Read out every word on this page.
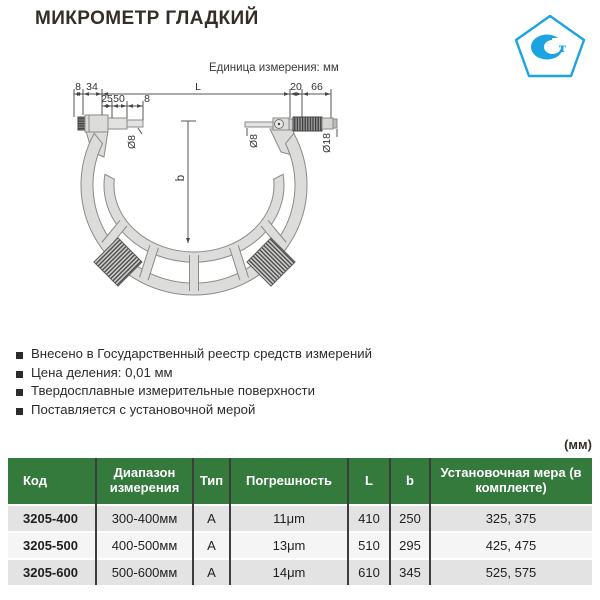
МИКРОМЕТР ГЛАДКИЙ
т
Единица измерения: мм
8 34	L	20 66
25 50 8
Ø8	Ø8	Ø18
b
Внесено в Государственный реестр средств измерений
Цена деления: 0,01 мм
Твердосплавные измерительные поверхности
Поставляется с установочной мерой
(мм)
Код	Диапазон измерения	Тип	Погрешность	L	b	Установочная мера (в комплекте)
3205-400	300-400мм	А	11μm	410	250	325, 375
3205-500	400-500мм	А	13μm	510	295	425, 475
3205-600	500-600мм	А	14μm	610	345	525, 575
